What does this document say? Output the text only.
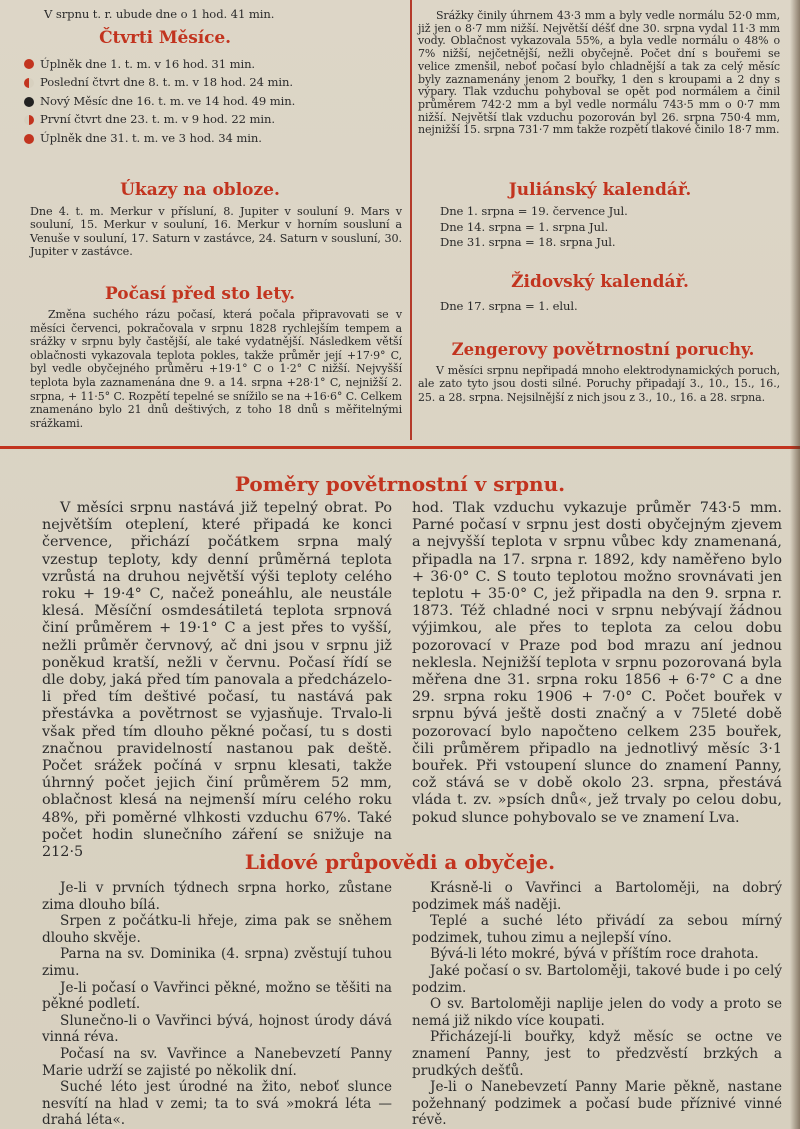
V srpnu t. r. ubude dne o 1 hod. 41 min.

Čtvrti Měsíce.
Úplněk dne 1. t. m. v 16 hod. 31 min.
Poslední čtvrt dne 8. t. m. v 18 hod. 24 min.
Nový Měsíc dne 16. t. m. ve 14 hod. 49 min.
První čtvrt dne 23. t. m. v 9 hod. 22 min.
Úplněk dne 31. t. m. ve 3 hod. 34 min.
Úkazy na obloze.

Dne 4. t. m. Merkur v přísluní, 8. Jupiter v souluní 9. Mars v souluní, 15. Merkur v souluní, 16. Merkur v horním sousluní a Venuše v souluní, 17. Saturn v zastávce, 24. Saturn v sousluní, 30. Jupiter v zastávce.

Počasí před sto lety.

Změna suchého rázu počasí, která počala připravovati se v měsíci červenci, pokračovala v srpnu 1828 rychlejším tempem a srážky v srpnu byly častější, ale také vydatnější. Následkem větší oblačnosti vykazovala teplota pokles, takže průměr její +17·9° C, byl vedle obyčejného průměru +19·1° C o 1·2° C nižší. Nejvyšší teplota byla zaznamenána dne 9. a 14. srpna +28·1° C, nejnižší 2. srpna, + 11·5° C. Rozpětí tepelné se snížilo se na +16·6° C. Celkem znamenáno bylo 21 dnů deštivých, z toho 18 dnů s měřitelnými srážkami.

Srážky činily úhrnem 43·3 mm a byly vedle normálu 52·0 mm, již jen o 8·7 mm nižší. Největší déšť dne 30. srpna vydal 11·3 mm vody. Oblačnost vykazovala 55%, a byla vedle normálu o 48% o 7% nižší, nejčetnější, nežli obyčejně. Počet dní s bouřemi se velice zmenšil, neboť počasí bylo chladnější a tak za celý měsíc byly zaznamenány jenom 2 bouřky, 1 den s kroupami a 2 dny s výpary. Tlak vzduchu pohyboval se opět pod normálem a činil průměrem 742·2 mm a byl vedle normálu 743·5 mm o 0·7 mm nižší. Největší tlak vzduchu pozorován byl 26. srpna 750·4 mm, nejnižší 15. srpna 731·7 mm takže rozpětí tlakové činilo 18·7 mm.

Juliánský kalendář.
Dne 1. srpna = 19. července Jul.
Dne 14. srpna = 1. srpna Jul.
Dne 31. srpna = 18. srpna Jul.
Židovský kalendář.
Dne 17. srpna = 1. elul.
Zengerovy povětrnostní poruchy.

V měsíci srpnu nepřipadá mnoho elektrodynamických poruch, ale zato tyto jsou dosti silné. Poruchy připadají 3., 10., 15., 16., 25. a 28. srpna. Nejsilnější z nich jsou z 3., 10., 16. a 28. srpna.

Poměry povětrnostní v srpnu.

V měsíci srpnu nastává již tepelný obrat. Po největším oteplení, které připadá ke konci července, přichází počátkem srpna malý vzestup teploty, kdy denní průměrná teplota vzrůstá na druhou největší výši teploty celého roku + 19·4° C, načež poneáhlu, ale neustále klesá. Měsíční osmdesátiletá teplota srpnová činí průměrem + 19·1° C a jest přes to vyšší, nežli průměr červnový, ač dni jsou v srpnu již poněkud kratší, nežli v červnu. Počasí řídí se dle doby, jaká před tím panovala a předcházelo-li před tím deštivé počasí, tu nastává pak přestávka a povětrnost se vyjasňuje. Trvalo-li však před tím dlouho pěkné počasí, tu s dosti značnou pravidelností nastanou pak deště. Počet srážek počíná v srpnu klesati, takže úhrnný počet jejich činí průměrem 52 mm, oblačnost klesá na nejmenší míru celého roku 48%, při poměrné vlhkosti vzduchu 67%. Také počet hodin slunečního záření se snižuje na 212·5

hod. Tlak vzduchu vykazuje průměr 743·5 mm. Parné počasí v srpnu jest dosti obyčejným zjevem a nejvyšší teplota v srpnu vůbec kdy znamenaná, připadla na 17. srpna r. 1892, kdy naměřeno bylo + 36·0° C. S touto teplotou možno srovnávati jen teplotu + 35·0° C, jež připadla na den 9. srpna r. 1873. Též chladné noci v srpnu nebývají žádnou výjimkou, ale přes to teplota za celou dobu pozorovací v Praze pod bod mrazu aní jednou neklesla. Nejnižší teplota v srpnu pozorovaná byla měřena dne 31. srpna roku 1856 + 6·7° C a dne 29. srpna roku 1906 + 7·0° C. Počet bouřek v srpnu bývá ještě dosti značný a v 75leté době pozorovací bylo napočteno celkem 235 bouřek, čili průměrem připadlo na jednotlivý měsíc 3·1 bouřek. Při vstoupení slunce do znamení Panny, což stává se v době okolo 23. srpna, přestává vláda t. zv. »psích dnů«, jež trvaly po celou dobu, pokud slunce pohybovalo se ve znamení Lva.

Lidové průpovědi a obyčeje.

Je-li v prvních týdnech srpna horko, zůstane zima dlouho bílá.

Srpen z počátku-li hřeje, zima pak se sněhem dlouho skvěje.

Parna na sv. Dominika (4. srpna) zvěstují tuhou zimu.

Je-li počasí o Vavřinci pěkné, možno se těšiti na pěkné podletí.

Slunečno-li o Vavřinci bývá, hojnost úrody dává vinná réva.

Počasí na sv. Vavřince a Nanebevzetí Panny Marie udrží se zajisté po několik dní.

Suché léto jest úrodné na žito, neboť slunce nesvítí na hlad v zemi; ta to svá »mokrá léta — drahá léta«.

Krásně-li o Vavřinci a Bartoloměji, na dobrý podzimek máš naději.

Teplé a suché léto přivádí za sebou mírný podzimek, tuhou zimu a nejlepší víno.

Bývá-li léto mokré, bývá v příštím roce drahota.

Jaké počasí o sv. Bartoloměji, takové bude i po celý podzim.

O sv. Bartoloměji naplije jelen do vody a proto se nemá již nikdo více koupati.

Přicházejí-li bouřky, když měsíc se octne ve znamení Panny, jest to předzvěstí brzkých a prudkých dešťů.

Je-li o Nanebevzetí Panny Marie pěkně, nastane požehnaný podzimek a počasí bude příznivé vinné révě.
